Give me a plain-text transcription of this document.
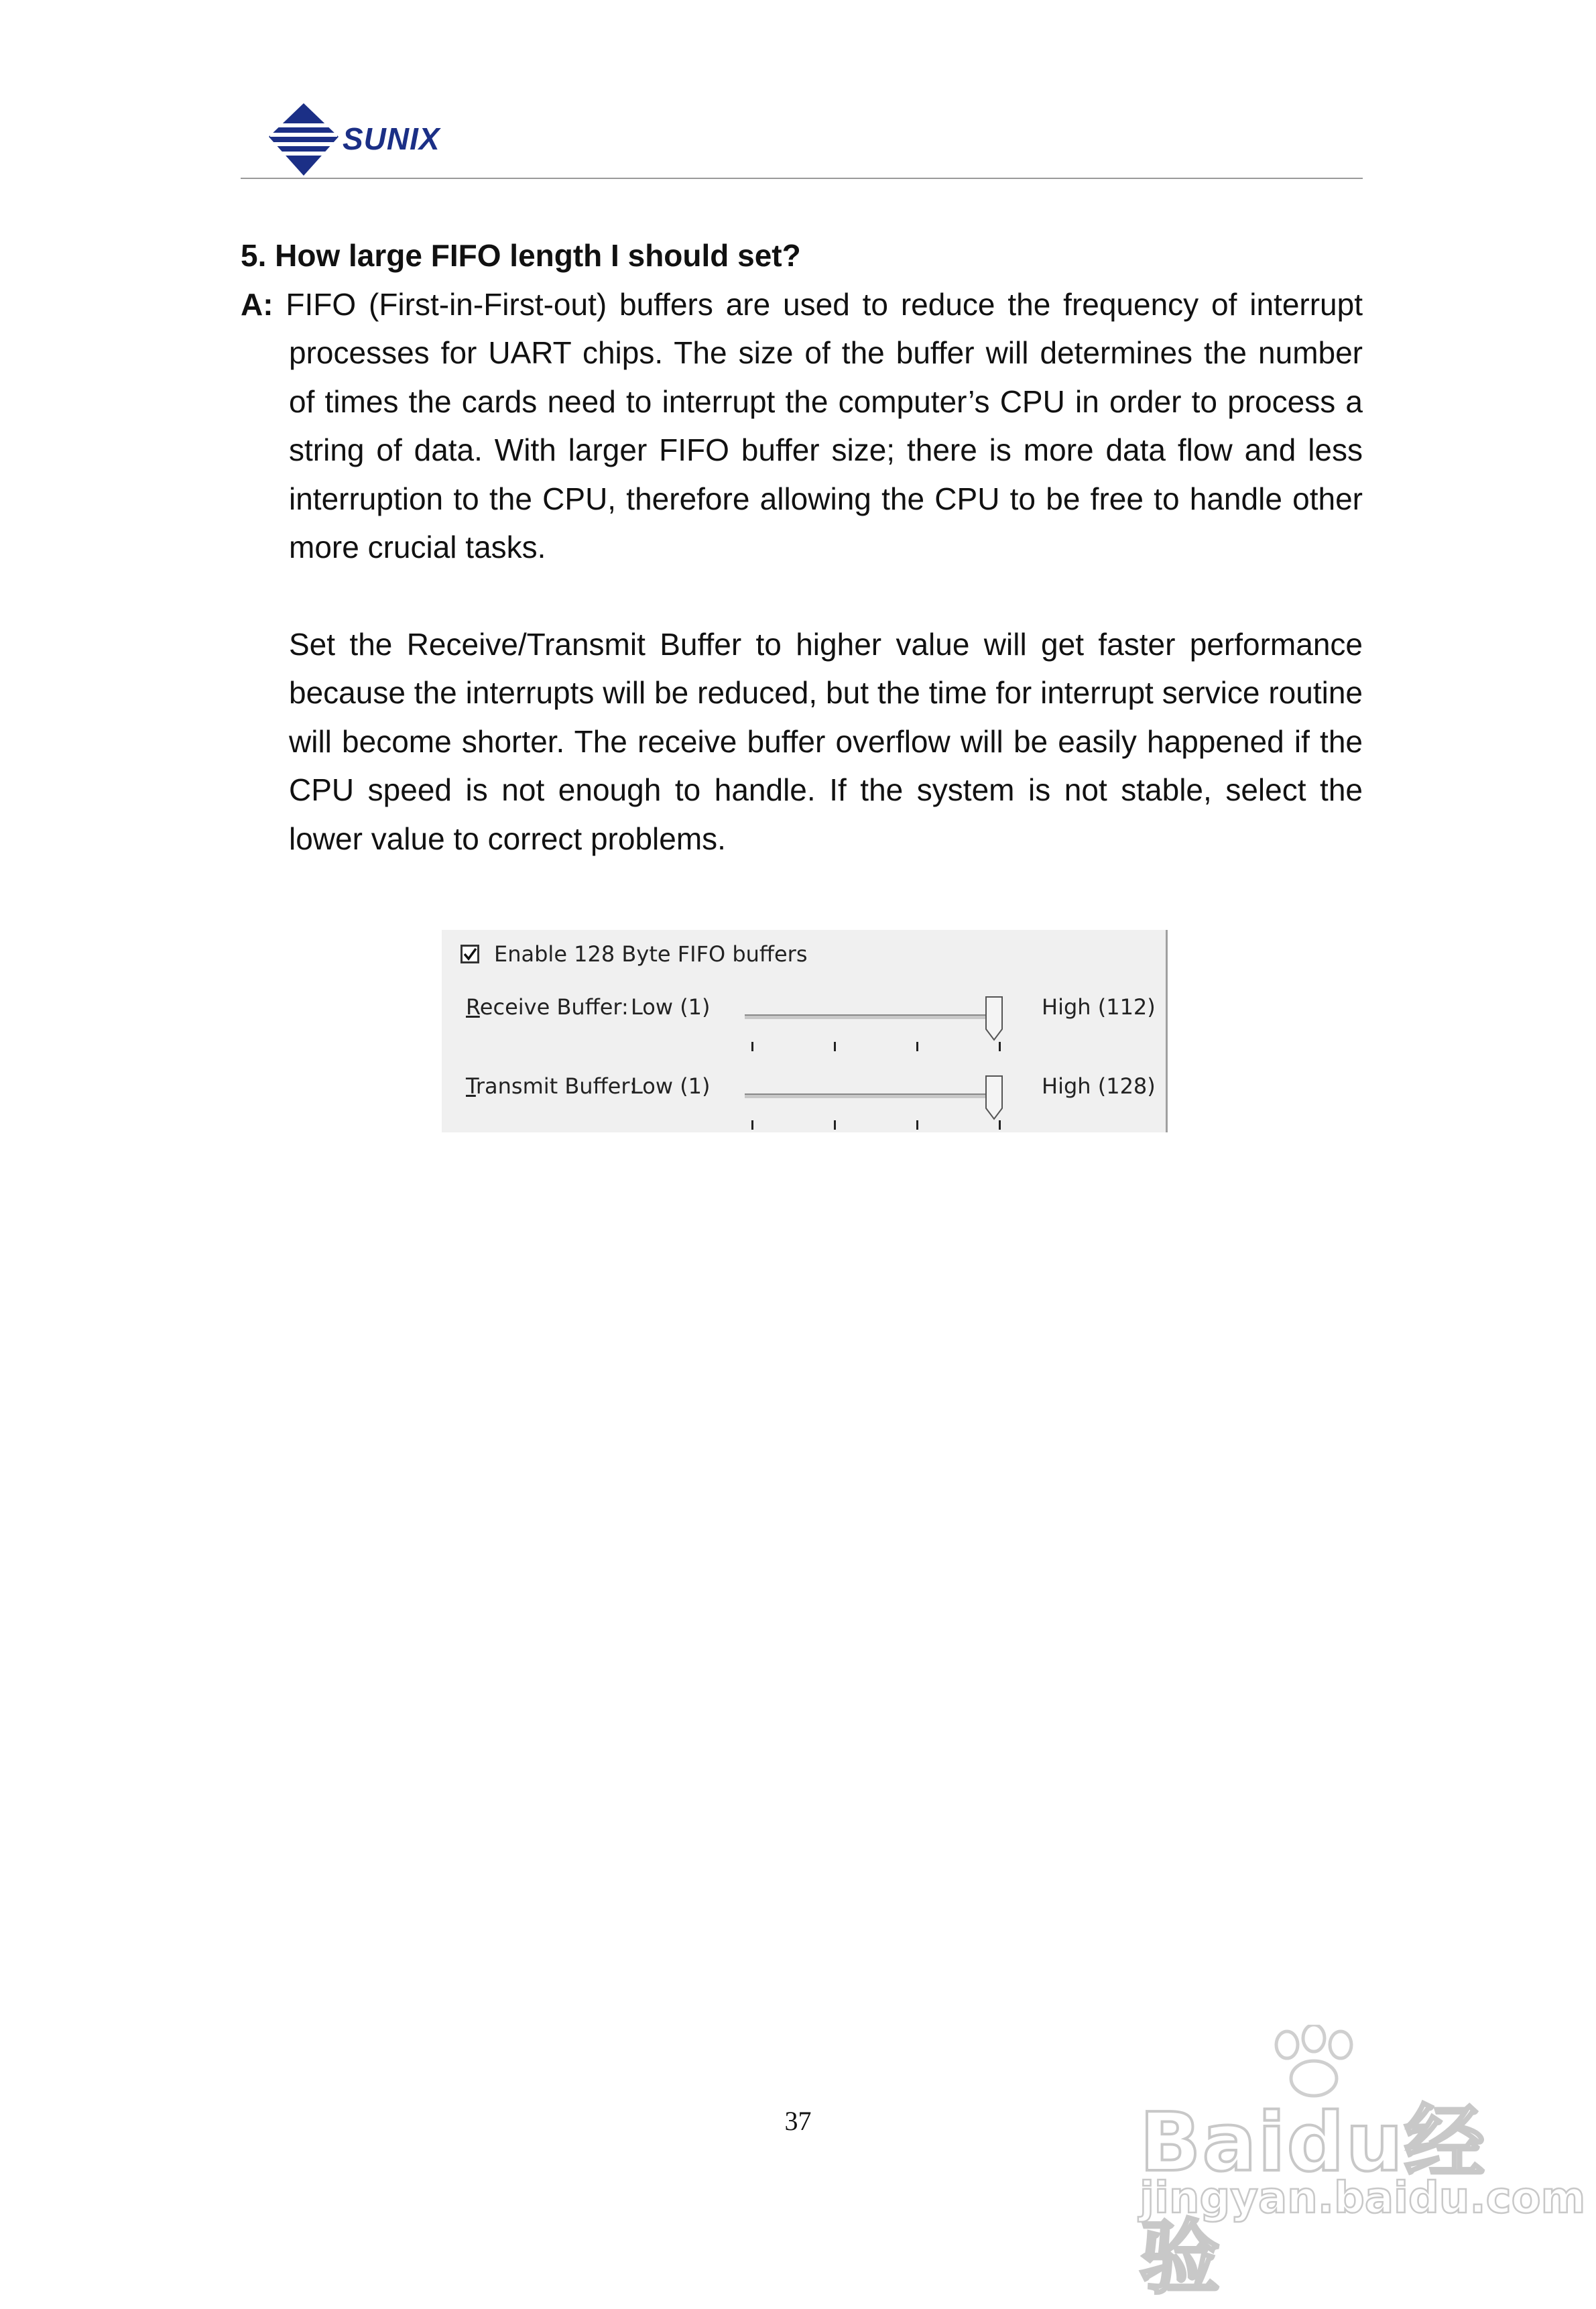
SUNIX

5. How large FIFO length I should set?

A: FIFO (First-in-First-out) buffers are used to reduce the frequency of interrupt processes for UART chips. The size of the buffer will determines the number of times the cards need to interrupt the computer’s CPU in order to process a string of data. With larger FIFO buffer size; there is more data flow and less interruption to the CPU, therefore allowing the CPU to be free to handle other more crucial tasks.

Set the Receive/Transmit Buffer to higher value will get faster performance because the interrupts will be reduced, but the time for interrupt service routine will become shorter. The receive buffer overflow will be easily happened if the CPU speed is not enough to handle. If the system is not stable, select the lower value to correct problems.

Enable 128 Byte FIFO buffers
Receive Buffer: Low (1)	High (112)
Transmit Buffer:
Low (1)	High (128)
37	Baidu经验
jingyan.baidu.com
